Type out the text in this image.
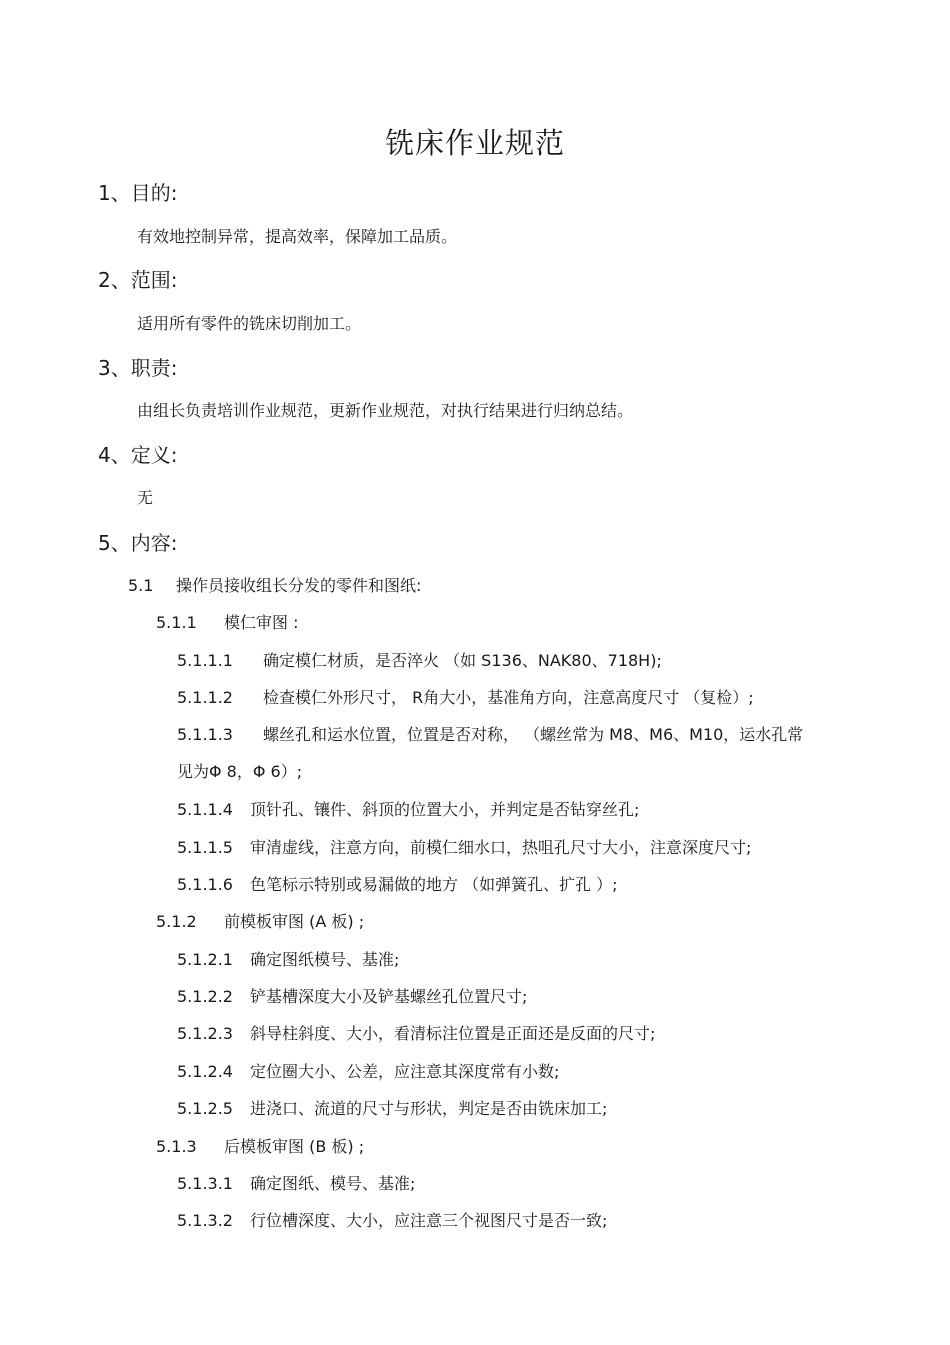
铣床作业规范
1、目的:
有效地控制异常，提高效率，保障加工品质。
2、范围:
适用所有零件的铣床切削加工。
3、职责:
由组长负责培训作业规范，更新作业规范，对执行结果进行归纳总结。
4、定义:
无
5、内容:
5.1 操作员接收组长分发的零件和图纸:
5.1.1 模仁审图 :
5.1.1.1 确定模仁材质，是否淬火 （如 S136、NAK80、718H);
5.1.1.2 检查模仁外形尺寸， R角大小，基准角方向，注意高度尺寸 （复检）;
5.1.1.3 螺丝孔和运水位置，位置是否对称， （螺丝常为 M8、M6、M10，运水孔常
见为Φ 8，Φ 6）;
5.1.1.4 顶针孔、镶件、斜顶的位置大小，并判定是否钻穿丝孔;
5.1.1.5 审清虚线，注意方向，前模仁细水口，热咀孔尺寸大小，注意深度尺寸;
5.1.1.6 色笔标示特别或易漏做的地方 （如弹簧孔、扩孔 ）;
5.1.2 前模板审图 (A 板) ;
5.1.2.1 确定图纸模号、基准;
5.1.2.2 铲基槽深度大小及铲基螺丝孔位置尺寸;
5.1.2.3 斜导柱斜度、大小，看清标注位置是正面还是反面的尺寸;
5.1.2.4 定位圈大小、公差，应注意其深度常有小数;
5.1.2.5 进浇口、流道的尺寸与形状，判定是否由铣床加工;
5.1.3 后模板审图 (B 板) ;
5.1.3.1 确定图纸、模号、基准;
5.1.3.2 行位槽深度、大小，应注意三个视图尺寸是否一致;
